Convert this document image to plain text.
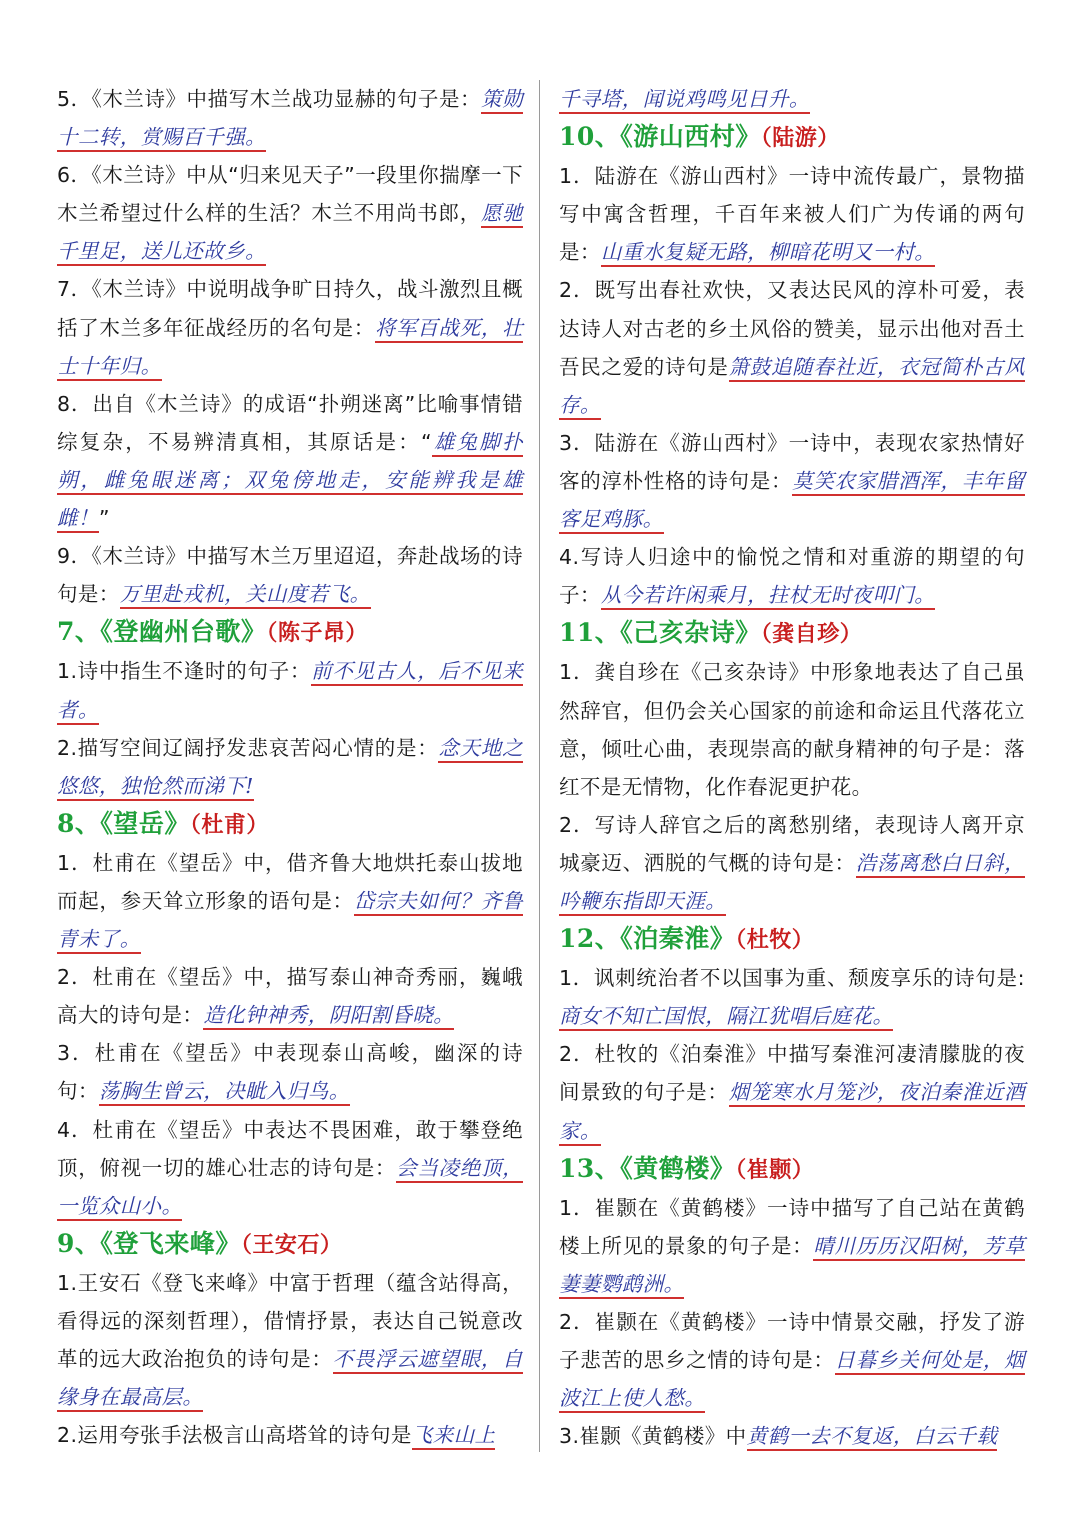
5．《木兰诗》中描写木兰战功显赫的句子是：策勋十二转，赏赐百千强。

6．《木兰诗》中从“归来见天子”一段里你揣摩一下木兰希望过什么样的生活？木兰不用尚书郎，愿驰千里足，送儿还故乡。

7．《木兰诗》中说明战争旷日持久，战斗激烈且概括了木兰多年征战经历的名句是：将军百战死，壮士十年归。

8．出自《木兰诗》的成语“扑朔迷离”比喻事情错综复杂，不易辨清真相，其原话是：“雄兔脚扑朔，雌兔眼迷离；双兔傍地走，安能辨我是雄雌！”

9．《木兰诗》中描写木兰万里迢迢，奔赴战场的诗句是：万里赴戎机，关山度若飞。

7、《登幽州台歌》（陈子昂）

1.诗中指生不逢时的句子：前不见古人，后不见来者。

2.描写空间辽阔抒发悲哀苦闷心情的是：念天地之悠悠，独怆然而涕下!

8、《望岳》（杜甫）

1．杜甫在《望岳》中，借齐鲁大地烘托泰山拔地而起，参天耸立形象的语句是：岱宗夫如何？齐鲁青未了。

2．杜甫在《望岳》中，描写泰山神奇秀丽，巍峨高大的诗句是：造化钟神秀，阴阳割昏晓。

3．杜甫在《望岳》中表现泰山高峻，幽深的诗句：荡胸生曾云，决眦入归鸟。

4．杜甫在《望岳》中表达不畏困难，敢于攀登绝顶，俯视一切的雄心壮志的诗句是：会当凌绝顶，一览众山小。

9、《登飞来峰》（王安石）

1.王安石《登飞来峰》中富于哲理（蕴含站得高，看得远的深刻哲理），借情抒景，表达自己锐意改革的远大政治抱负的诗句是：不畏浮云遮望眼，自缘身在最高层。

2.运用夸张手法极言山高塔耸的诗句是飞来山上

千寻塔，闻说鸡鸣见日升。

10、《游山西村》（陆游）

1．陆游在《游山西村》一诗中流传最广，景物描写中寓含哲理，千百年来被人们广为传诵的两句是：山重水复疑无路，柳暗花明又一村。

2．既写出春社欢快，又表达民风的淳朴可爱，表达诗人对古老的乡土风俗的赞美，显示出他对吾土吾民之爱的诗句是箫鼓追随春社近，衣冠简朴古风存。

3．陆游在《游山西村》一诗中，表现农家热情好客的淳朴性格的诗句是：莫笑农家腊酒浑，丰年留客足鸡豚。

4.写诗人归途中的愉悦之情和对重游的期望的句子：从今若许闲乘月，拄杖无时夜叩门。

11、《己亥杂诗》（龚自珍）

1．龚自珍在《己亥杂诗》中形象地表达了自己虽然辞官，但仍会关心国家的前途和命运且代落花立意，倾吐心曲，表现崇高的献身精神的句子是：落红不是无情物，化作春泥更护花。

2．写诗人辞官之后的离愁别绪，表现诗人离开京城豪迈、洒脱的气概的诗句是：浩荡离愁白日斜，吟鞭东指即天涯。

12、《泊秦淮》（杜牧）

1．讽刺统治者不以国事为重、颓废享乐的诗句是:商女不知亡国恨，隔江犹唱后庭花。

2．杜牧的《泊秦淮》中描写秦淮河凄清朦胧的夜间景致的句子是：烟笼寒水月笼沙，夜泊秦淮近酒家。

13、《黄鹤楼》（崔颢）

1．崔颢在《黄鹤楼》一诗中描写了自己站在黄鹤楼上所见的景象的句子是：晴川历历汉阳树，芳草萋萋鹦鹉洲。

2．崔颢在《黄鹤楼》一诗中情景交融，抒发了游子悲苦的思乡之情的诗句是：日暮乡关何处是，烟波江上使人愁。

3.崔颢《黄鹤楼》中黄鹤一去不复返，白云千载
